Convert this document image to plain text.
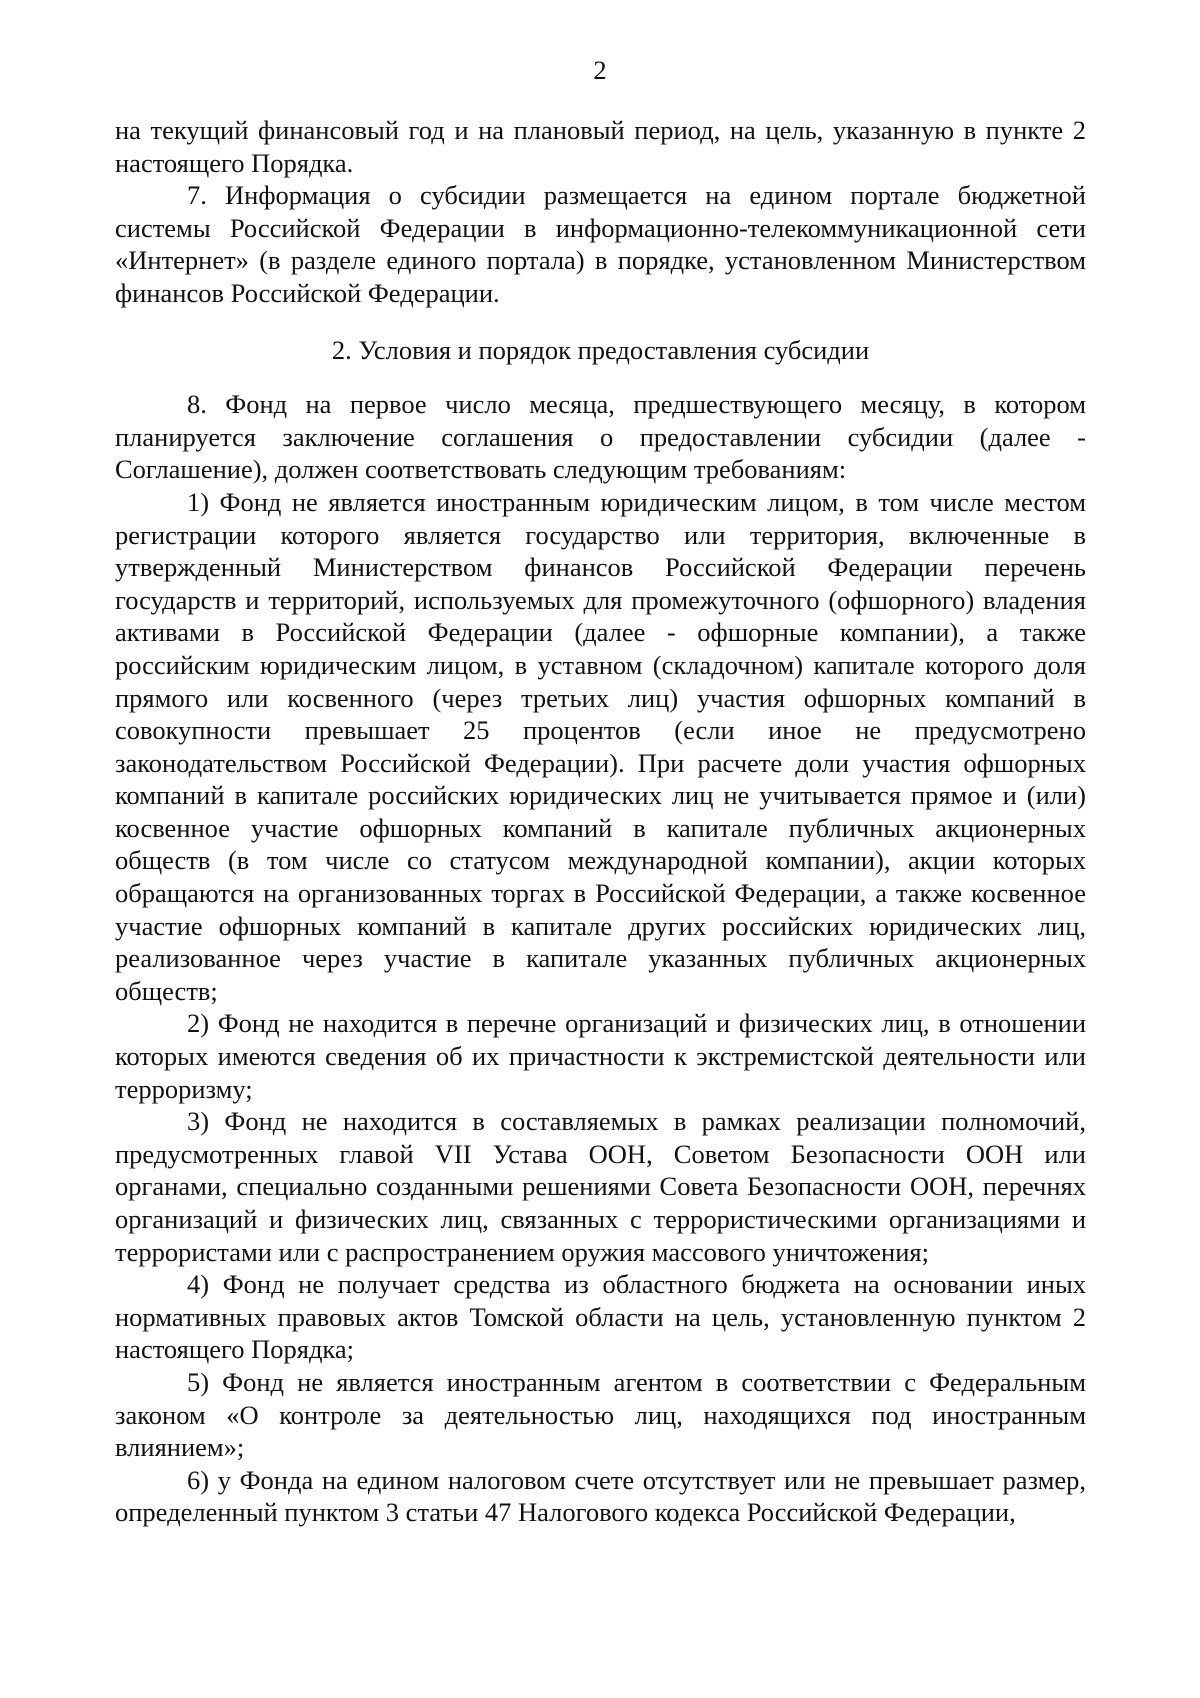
2

на текущий финансовый год и на плановый период, на цель, указанную в пункте 2 настоящего Порядка.

7. Информация о субсидии размещается на едином портале бюджетной системы Российской Федерации в информационно-телекоммуникационной сети «Интернет» (в разделе единого портала) в порядке, установленном Министерством финансов Российской Федерации.

2. Условия и порядок предоставления субсидии

8. Фонд на первое число месяца, предшествующего месяцу, в котором планируется заключение соглашения о предоставлении субсидии (далее - Соглашение), должен соответствовать следующим требованиям:

1) Фонд не является иностранным юридическим лицом, в том числе местом регистрации которого является государство или территория, включенные в утвержденный Министерством финансов Российской Федерации перечень государств и территорий, используемых для промежуточного (офшорного) владения активами в Российской Федерации (далее - офшорные компании), а также российским юридическим лицом, в уставном (складочном) капитале которого доля прямого или косвенного (через третьих лиц) участия офшорных компаний в совокупности превышает 25 процентов (если иное не предусмотрено законодательством Российской Федерации). При расчете доли участия офшорных компаний в капитале российских юридических лиц не учитывается прямое и (или) косвенное участие офшорных компаний в капитале публичных акционерных обществ (в том числе со статусом международной компании), акции которых обращаются на организованных торгах в Российской Федерации, а также косвенное участие офшорных компаний в капитале других российских юридических лиц, реализованное через участие в капитале указанных публичных акционерных обществ;

2) Фонд не находится в перечне организаций и физических лиц, в отношении которых имеются сведения об их причастности к экстремистской деятельности или терроризму;

3) Фонд не находится в составляемых в рамках реализации полномочий, предусмотренных главой VII Устава ООН, Советом Безопасности ООН или органами, специально созданными решениями Совета Безопасности ООН, перечнях организаций и физических лиц, связанных с террористическими организациями и террористами или с распространением оружия массового уничтожения;

4) Фонд не получает средства из областного бюджета на основании иных нормативных правовых актов Томской области на цель, установленную пунктом 2 настоящего Порядка;

5) Фонд не является иностранным агентом в соответствии с Федеральным законом «О контроле за деятельностью лиц, находящихся под иностранным влиянием»;

6) у Фонда на едином налоговом счете отсутствует или не превышает размер, определенный пунктом 3 статьи 47 Налогового кодекса Российской Федерации,
